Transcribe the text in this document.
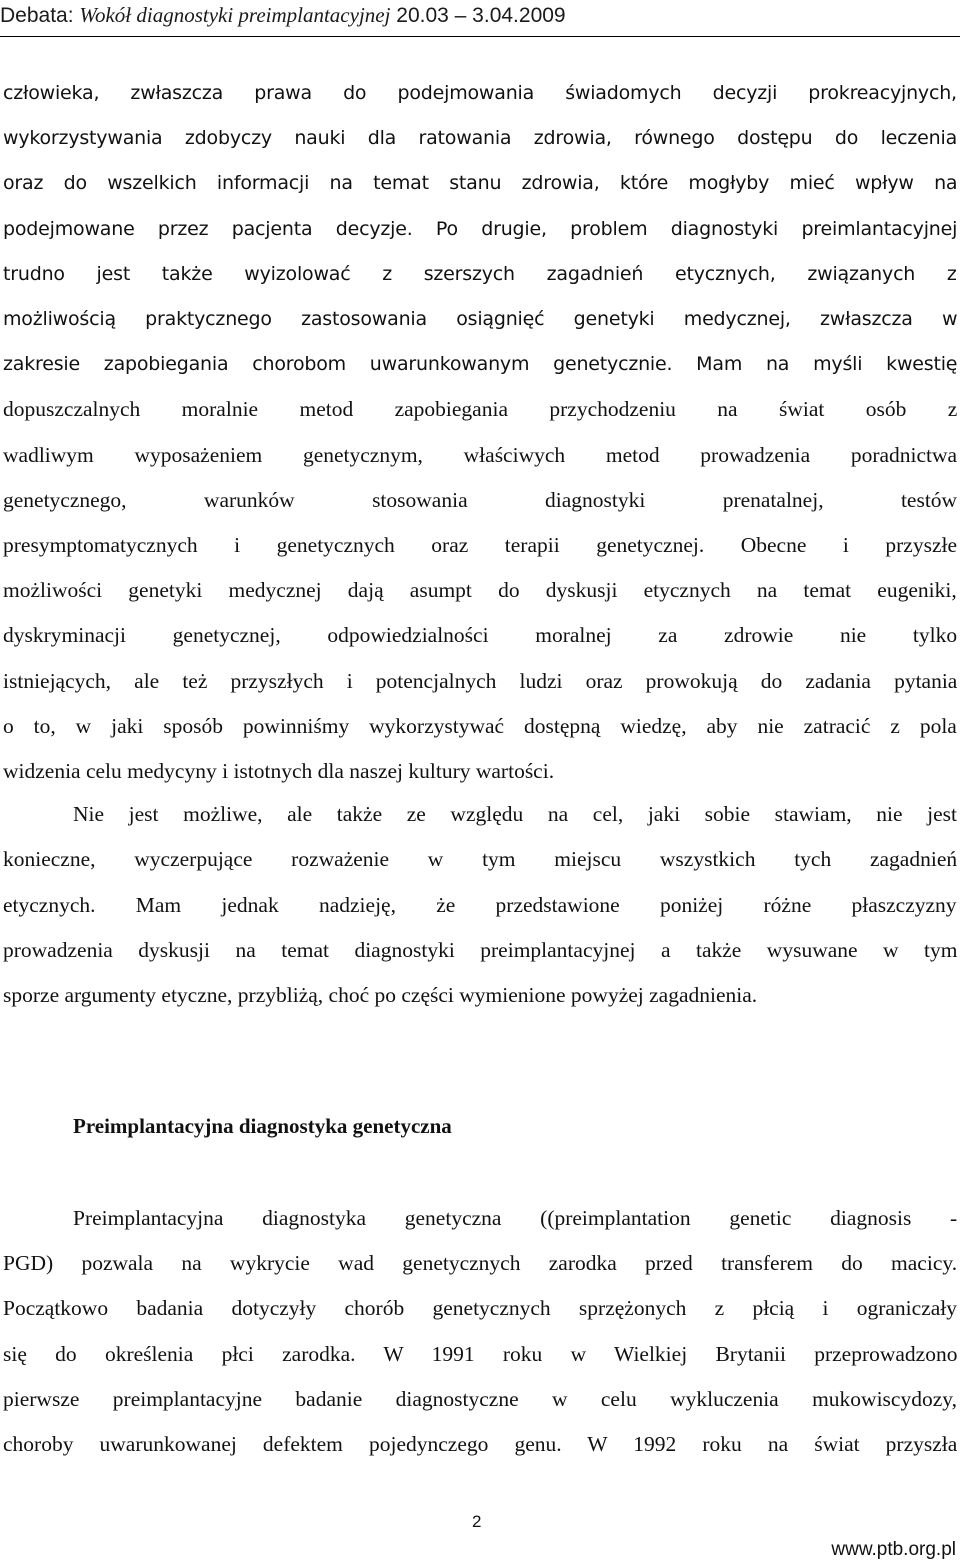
Debata: Wokół diagnostyki preimplantacyjnej 20.03 – 3.04.2009
człowieka, zwłaszcza prawa do podejmowania świadomych decyzji prokreacyjnych,
wykorzystywania zdobyczy nauki dla ratowania zdrowia, równego dostępu do leczenia
oraz do wszelkich informacji na temat stanu zdrowia, które mogłyby mieć wpływ na
podejmowane przez pacjenta decyzje. Po drugie, problem diagnostyki preimlantacyjnej
trudno jest także wyizolować z szerszych zagadnień etycznych, związanych z
możliwością praktycznego zastosowania osiągnięć genetyki medycznej, zwłaszcza w
zakresie zapobiegania chorobom uwarunkowanym genetycznie. Mam na myśli kwestię
dopuszczalnych moralnie metod zapobiegania przychodzeniu na świat osób z
wadliwym wyposażeniem genetycznym, właściwych metod prowadzenia poradnictwa
genetycznego, warunków stosowania diagnostyki prenatalnej, testów
presymptomatycznych i genetycznych oraz terapii genetycznej. Obecne i przyszłe
możliwości genetyki medycznej dają asumpt do dyskusji etycznych na temat eugeniki,
dyskryminacji genetycznej, odpowiedzialności moralnej za zdrowie nie tylko
istniejących, ale też przyszłych i potencjalnych ludzi oraz prowokują do zadania pytania
o to, w jaki sposób powinniśmy wykorzystywać dostępną wiedzę, aby nie zatracić z pola
widzenia celu medycyny i istotnych dla naszej kultury wartości.
Nie jest możliwe, ale także ze względu na cel, jaki sobie stawiam, nie jest
konieczne, wyczerpujące rozważenie w tym miejscu wszystkich tych zagadnień
etycznych. Mam jednak nadzieję, że przedstawione poniżej różne płaszczyzny
prowadzenia dyskusji na temat diagnostyki preimplantacyjnej a także wysuwane w tym
sporze argumenty etyczne, przybliżą, choć po części wymienione powyżej zagadnienia.
Preimplantacyjna diagnostyka genetyczna ((preimplantation genetic diagnosis -
PGD) pozwala na wykrycie wad genetycznych zarodka przed transferem do macicy.
Początkowo badania dotyczyły chorób genetycznych sprzężonych z płcią i ograniczały
się do określenia płci zarodka. W 1991 roku w Wielkiej Brytanii przeprowadzono
pierwsze preimplantacyjne badanie diagnostyczne w celu wykluczenia mukowiscydozy,
choroby uwarunkowanej defektem pojedynczego genu. W 1992 roku na świat przyszła
Preimplantacyjna diagnostyka genetyczna
2
www.ptb.org.pl
